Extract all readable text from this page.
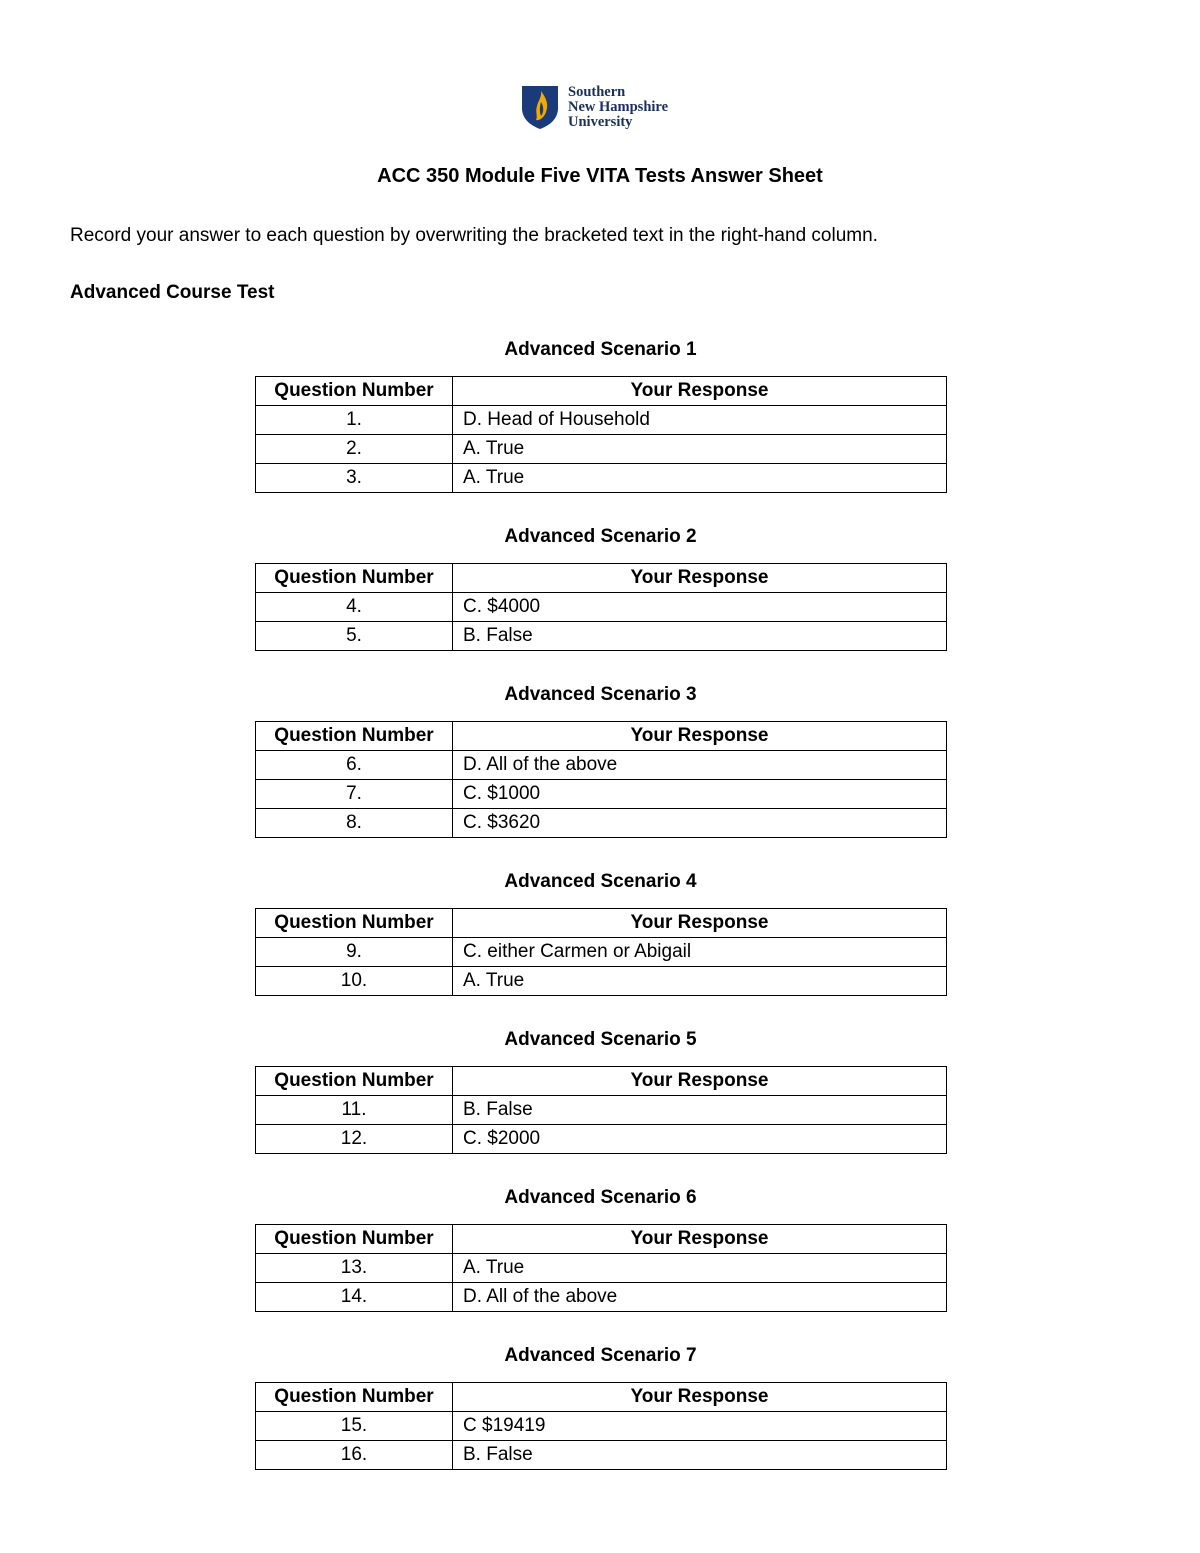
Southern
New Hampshire
University
ACC 350 Module Five VITA Tests Answer Sheet
Record your answer to each question by overwriting the bracketed text in the right-hand column.
Advanced Course Test
Advanced Scenario 1
Question Number	Your Response
1.	D. Head of Household
2.	A. True
3.	A. True
Advanced Scenario 2
Question Number	Your Response
4.	C. $4000
5.	B. False
Advanced Scenario 3
Question Number	Your Response
6.	D. All of the above
7.	C. $1000
8.	C. $3620
Advanced Scenario 4
Question Number	Your Response
9.	C. either Carmen or Abigail
10.	A. True
Advanced Scenario 5
Question Number	Your Response
11.	B. False
12.	C. $2000
Advanced Scenario 6
Question Number	Your Response
13.	A. True
14.	D. All of the above
Advanced Scenario 7
Question Number	Your Response
15.	C $19419
16.	B. False
